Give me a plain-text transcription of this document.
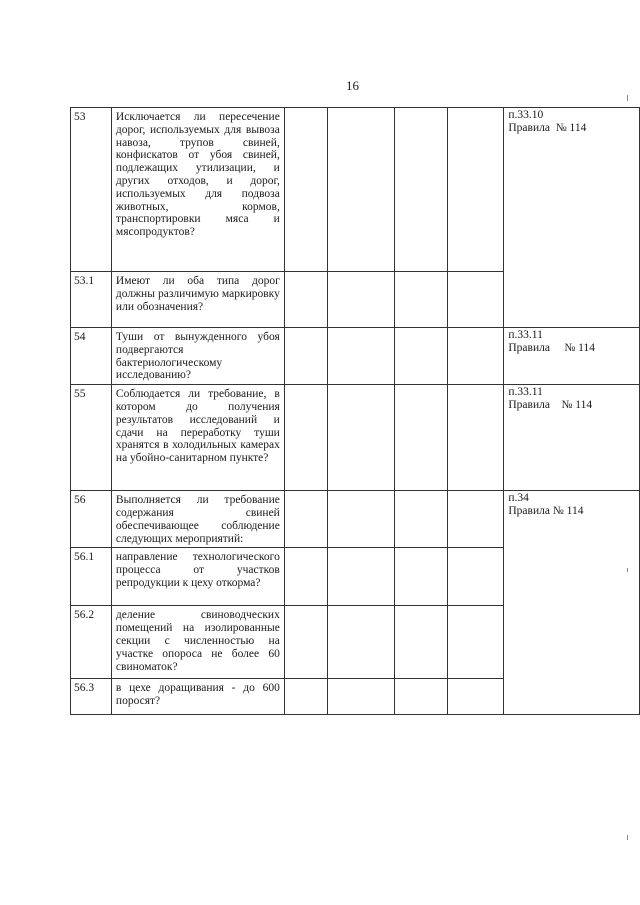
16
53	Исключается ли пересечение дорог, используемых для вывоза навоза, трупов свиней, конфискатов от убоя свиней, подлежащих утилизации, и других отходов, и дорог, используемых для подвоза животных, кормов, транспортировки мяса и мясопродуктов?					п.33.10
Правила  № 114

53.1	Имеют ли оба типа дорог должны различимую маркировку или обозначения?					

54	Туши от вынужденного убоя подвергаются бактериологическому исследованию?					п.33.11
Правила     № 114

55	Соблюдается ли требование, в котором до получения результатов исследований и сдачи на переработку туши хранятся в холодильных камерах на убойно-санитарном пункте?					п.33.11
Правила    № 114

56	Выполняется ли требование содержания свиней обеспечивающее соблюдение следующих мероприятий:					п.34
Правила № 114

56.1	направление технологического процесса от участков репродукции к цеху откорма?					

56.2	деление свиноводческих помещений на изолированные секции с численностью на участке опороса не более 60 свиноматок?					

56.3	в цехе доращивания - до 600 поросят?					
